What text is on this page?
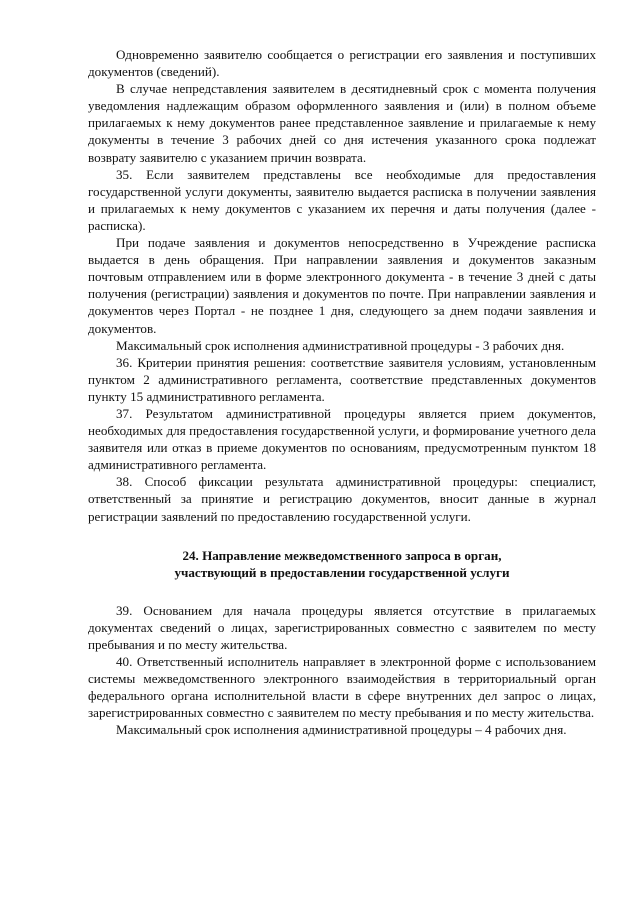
Одновременно заявителю сообщается о регистрации его заявления и поступивших документов (сведений).

В случае непредставления заявителем в десятидневный срок с момента получения уведомления надлежащим образом оформленного заявления и (или) в полном объеме прилагаемых к нему документов ранее представленное заявление и прилагаемые к нему документы в течение 3 рабочих дней со дня истечения указанного срока подлежат возврату заявителю с указанием причин возврата.

35. Если заявителем представлены все необходимые для предоставления государственной услуги документы, заявителю выдается расписка в получении заявления и прилагаемых к нему документов с указанием их перечня и даты получения (далее - расписка).

При подаче заявления и документов непосредственно в Учреждение расписка выдается в день обращения. При направлении заявления и документов заказным почтовым отправлением или в форме электронного документа - в течение 3 дней с даты получения (регистрации) заявления и документов по почте. При направлении заявления и документов через Портал - не позднее 1 дня, следующего за днем подачи заявления и документов.

Максимальный срок исполнения административной процедуры - 3 рабочих дня.

36. Критерии принятия решения: соответствие заявителя условиям, установленным пунктом 2 административного регламента, соответствие представленных документов пункту 15 административного регламента.

37. Результатом административной процедуры является прием документов, необходимых для предоставления государственной услуги, и формирование учетного дела заявителя или отказ в приеме документов по основаниям, предусмотренным пунктом 18 административного регламента.

38. Способ фиксации результата административной процедуры: специалист, ответственный за принятие и регистрацию документов, вносит данные в журнал регистрации заявлений по предоставлению государственной услуги.

24. Направление межведомственного запроса в орган,
участвующий в предоставлении государственной услуги

39. Основанием для начала процедуры является отсутствие в прилагаемых документах сведений о лицах, зарегистрированных совместно с заявителем по месту пребывания и по месту жительства.

40. Ответственный исполнитель направляет в электронной форме с использованием системы межведомственного электронного взаимодействия в территориальный орган федерального органа исполнительной власти в сфере внутренних дел запрос о лицах, зарегистрированных совместно с заявителем по месту пребывания и по месту жительства.

Максимальный срок исполнения административной процедуры – 4 рабочих дня.
